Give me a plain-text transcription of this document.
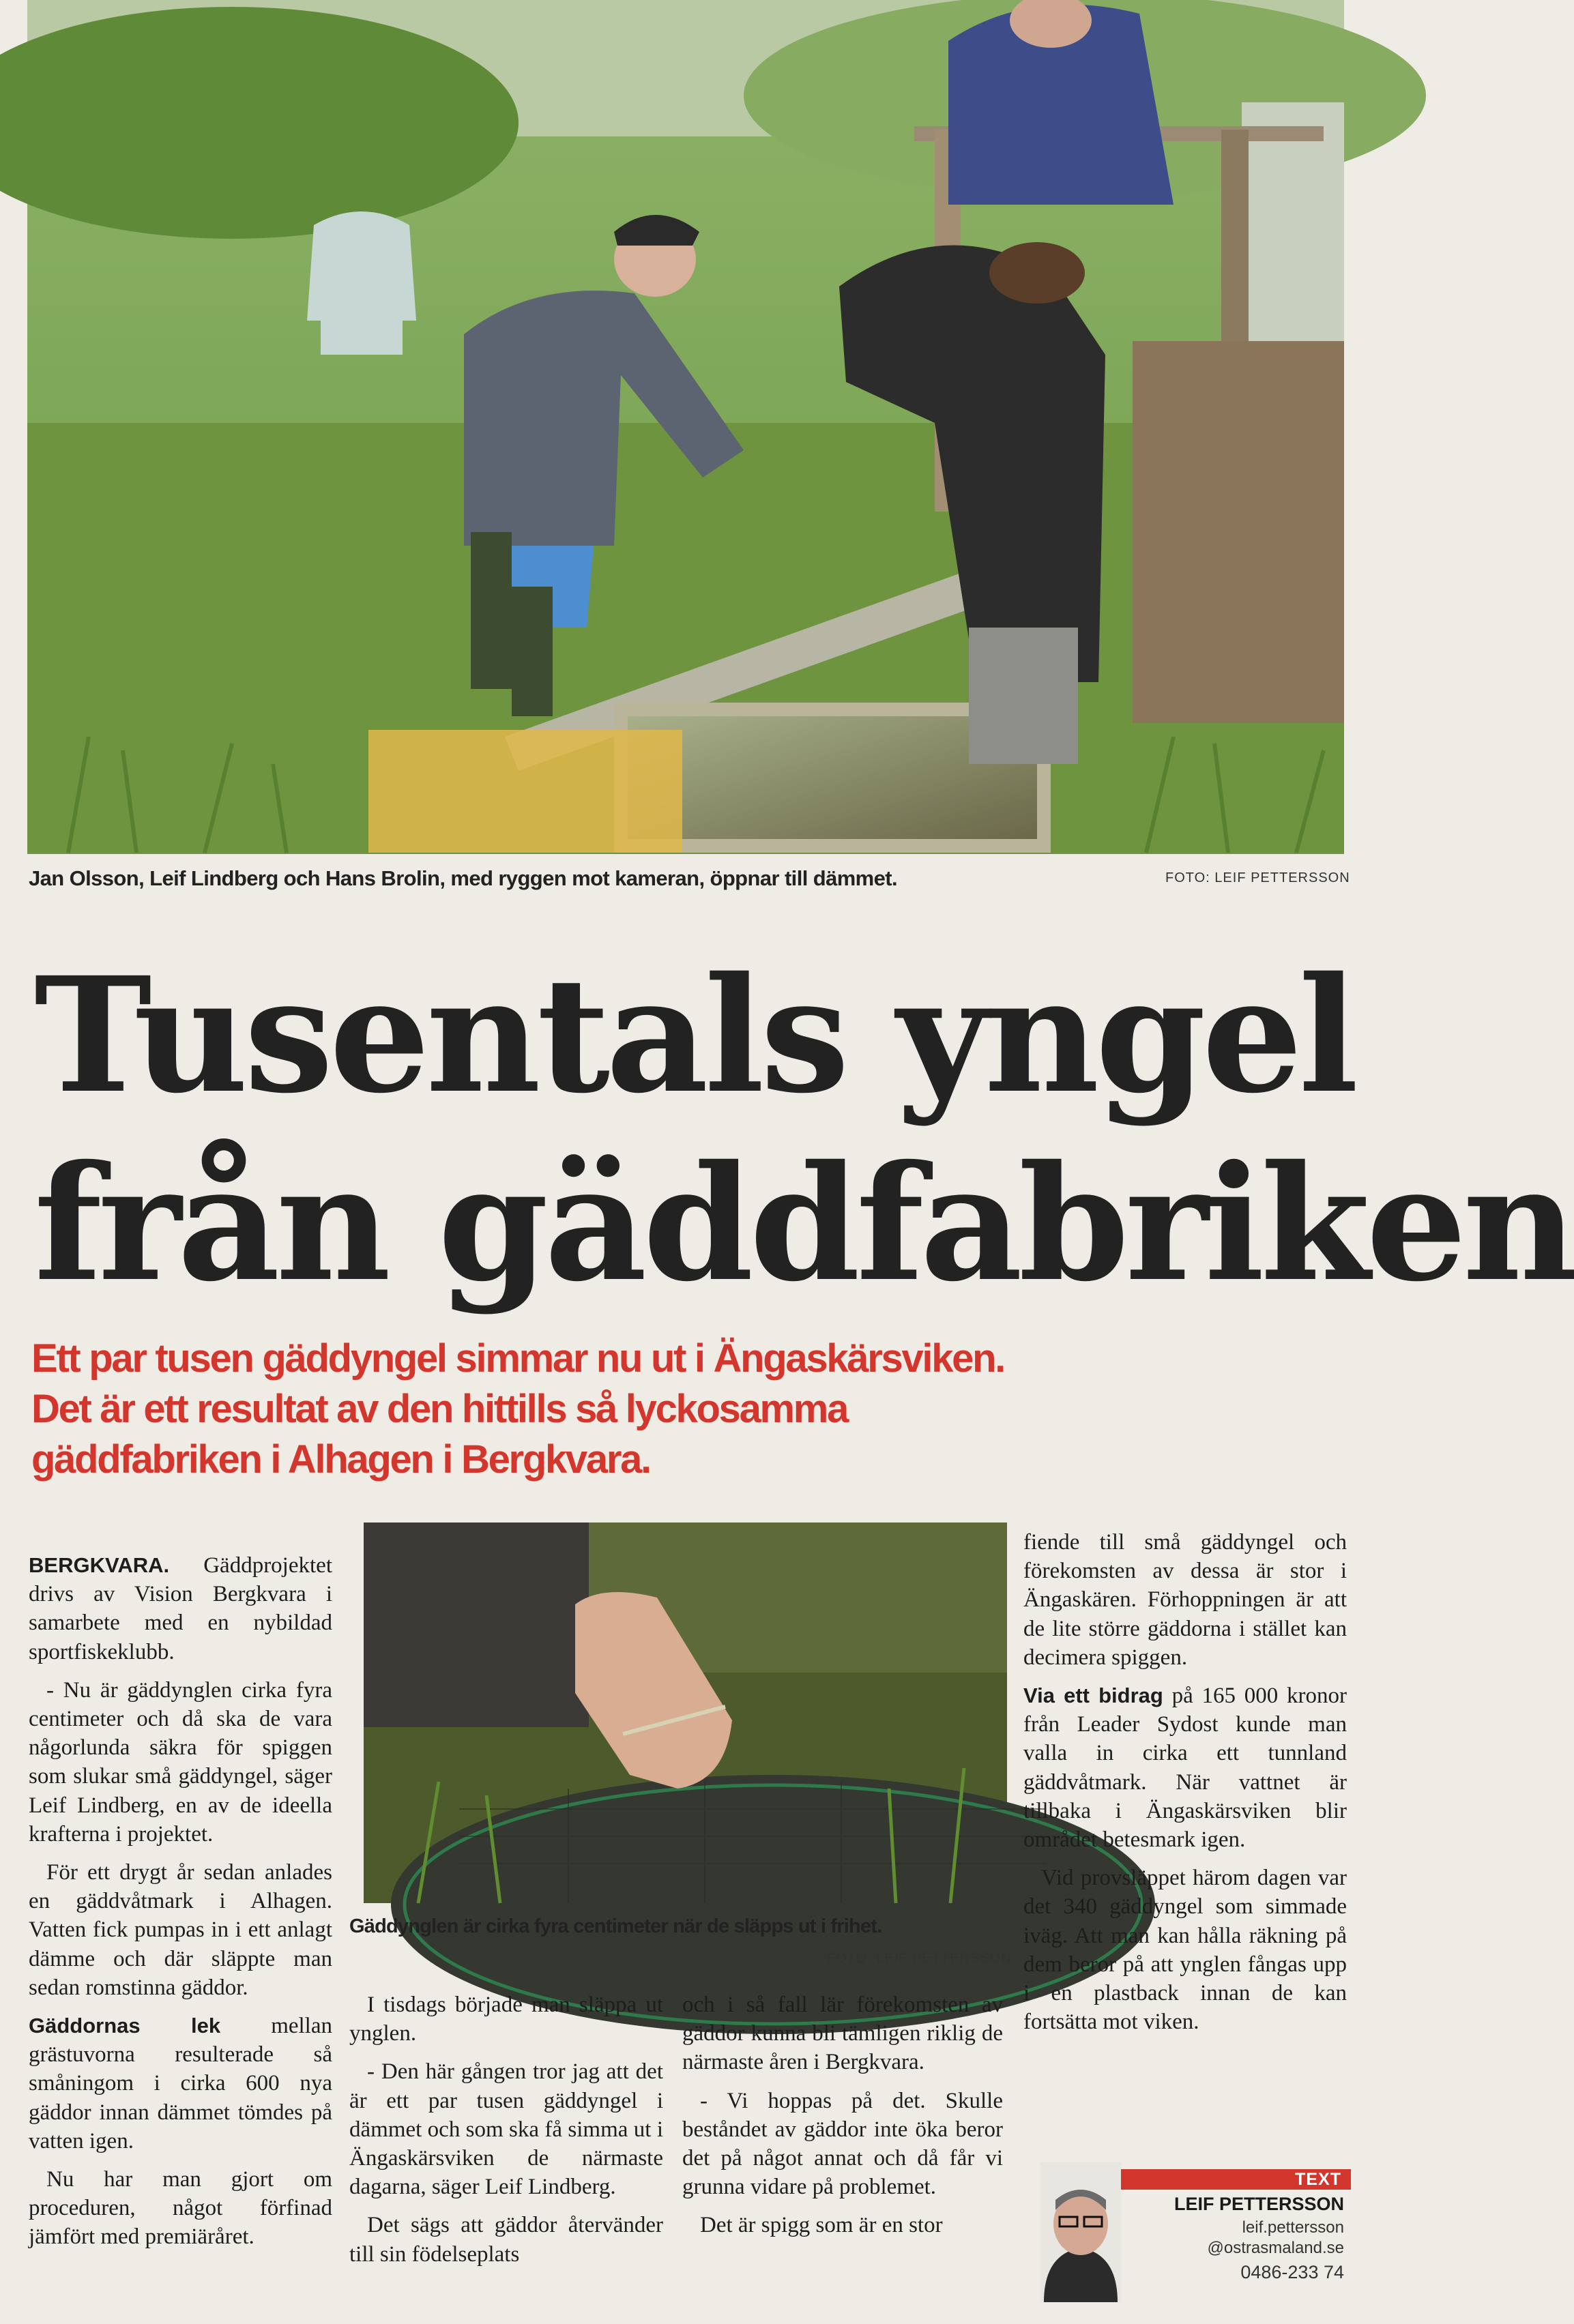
Jan Olsson, Leif Lindberg och Hans Brolin, med ryggen mot kameran, öppnar till dämmet.	FOTO: LEIF PETTERSSON
Tusentals yngel
från gäddfabriken
Ett par tusen gäddyngel simmar nu ut i Ängaskärsviken.
Det är ett resultat av den hittills så lyckosamma
gäddfabriken i Alhagen i Bergkvara.

BERGKVARA. Gäddprojektet drivs av Vision Bergkvara i samarbete med en nybildad sportfiskeklubb.

- Nu är gäddynglen cirka fyra centimeter och då ska de vara någorlunda säkra för spiggen som slukar små gäddyngel, säger Leif Lindberg, en av de ideella krafterna i projektet.

För ett drygt år sedan anlades en gäddvåtmark i Alhagen. Vatten fick pumpas in i ett anlagt dämme och där släppte man sedan romstinna gäddor.

Gäddornas lek mellan grästuvorna resulterade så småningom i cirka 600 nya gäddor innan dämmet tömdes på vatten igen.

Nu har man gjort om proceduren, något förfinad jämfört med premiäråret.

Gäddynglen är cirka fyra centimeter när de släpps ut i frihet.
FOTO: LEIF PETTERSSON

I tisdags började man släppa ut ynglen.

- Den här gången tror jag att det är ett par tusen gäddyngel i dämmet och som ska få simma ut i Ängaskärsviken de närmaste dagarna, säger Leif Lindberg.

Det sägs att gäddor återvänder till sin födelseplats

och i så fall lär förekomsten av gäddor kunna bli tämligen riklig de närmaste åren i Bergkvara.

- Vi hoppas på det. Skulle beståndet av gäddor inte öka beror det på något annat och då får vi grunna vidare på problemet.

Det är spigg som är en stor

fiende till små gäddyngel och förekomsten av dessa är stor i Ängaskären. Förhoppningen är att de lite större gäddorna i stället kan decimera spiggen.

Via ett bidrag på 165 000 kronor från Leader Sydost kunde man valla in cirka ett tunnland gäddvåtmark. När vattnet är tillbaka i Ängaskärsviken blir området betesmark igen.

Vid provsläppet härom dagen var det 340 gäddyngel som simmade iväg. Att man kan hålla räkning på dem beror på att ynglen fångas upp i en plastback innan de kan fortsätta mot viken.

TEXT
LEIF PETTERSSON
leif.pettersson
@ostrasmaland.se
0486-233 74
